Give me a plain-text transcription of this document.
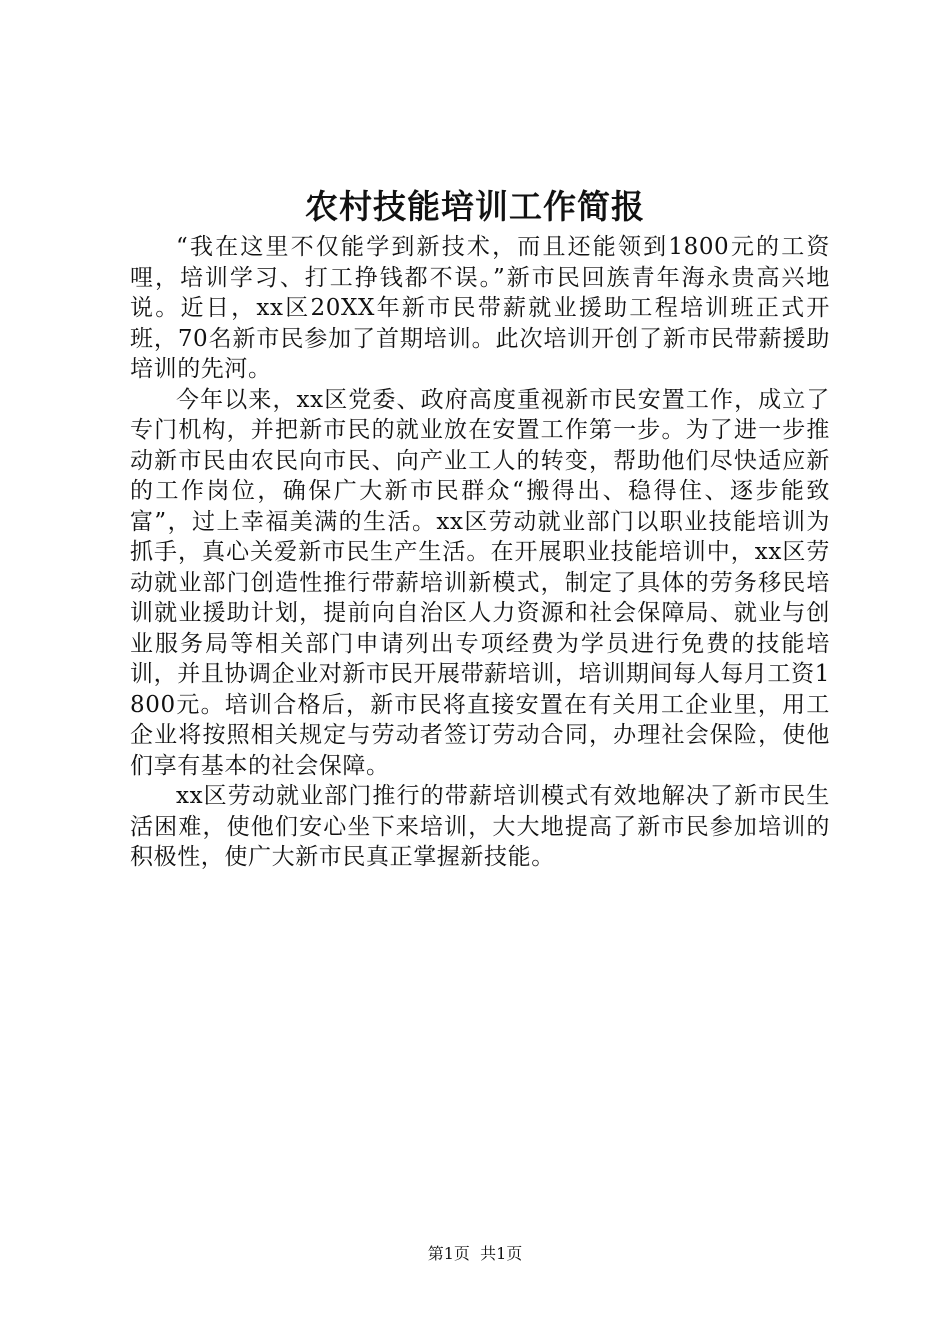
农村技能培训工作简报

“我在这里不仅能学到新技术，而且还能领到1800元的工资哩，培训学习、打工挣钱都不误。”新市民回族青年海永贵高兴地说。近日，xx区20XX年新市民带薪就业援助工程培训班正式开班，70名新市民参加了首期培训。此次培训开创了新市民带薪援助培训的先河。

今年以来，xx区党委、政府高度重视新市民安置工作，成立了专门机构，并把新市民的就业放在安置工作第一步。为了进一步推动新市民由农民向市民、向产业工人的转变，帮助他们尽快适应新的工作岗位，确保广大新市民群众“搬得出、稳得住、逐步能致富”，过上幸福美满的生活。xx区劳动就业部门以职业技能培训为抓手，真心关爱新市民生产生活。在开展职业技能培训中，xx区劳动就业部门创造性推行带薪培训新模式，制定了具体的劳务移民培训就业援助计划，提前向自治区人力资源和社会保障局、就业与创业服务局等相关部门申请列出专项经费为学员进行免费的技能培训，并且协调企业对新市民开展带薪培训，培训期间每人每月工资1800元。培训合格后，新市民将直接安置在有关用工企业里，用工企业将按照相关规定与劳动者签订劳动合同，办理社会保险，使他们享有基本的社会保障。

xx区劳动就业部门推行的带薪培训模式有效地解决了新市民生活困难，使他们安心坐下来培训，大大地提高了新市民参加培训的积极性，使广大新市民真正掌握新技能。

第1页  共1页
